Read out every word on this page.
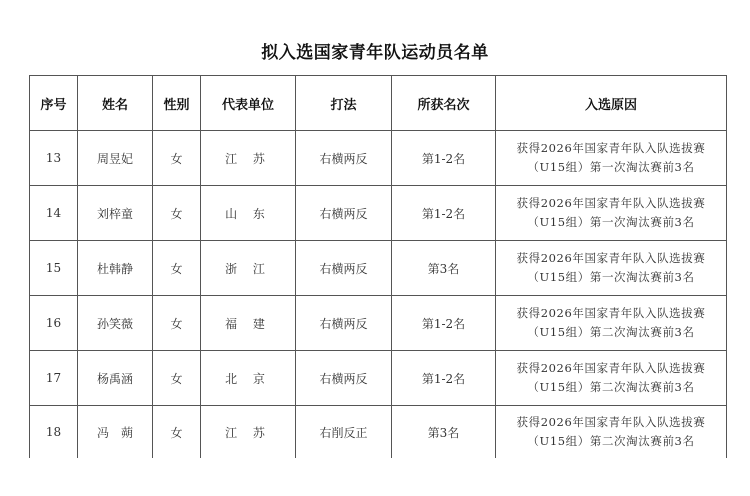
拟入选国家青年队运动员名单
序号	姓名	性别	代表单位	打法	所获名次	入选原因
13	周昱妃	女	江 苏	右横两反	第1-2名	获得2026年国家青年队入队选拔赛
（U15组）第一次淘汰赛前3名

14	刘梓童	女	山 东	右横两反	第1-2名	获得2026年国家青年队入队选拔赛
（U15组）第一次淘汰赛前3名

15	杜韩静	女	浙 江	右横两反	第3名	获得2026年国家青年队入队选拔赛
（U15组）第一次淘汰赛前3名

16	孙笑薇	女	福 建	右横两反	第1-2名	获得2026年国家青年队入队选拔赛
（U15组）第二次淘汰赛前3名

17	杨禹涵	女	北 京	右横两反	第1-2名	获得2026年国家青年队入队选拔赛
（U15组）第二次淘汰赛前3名

18	冯　蒴	女	江 苏	右削反正	第3名	获得2026年国家青年队入队选拔赛
（U15组）第二次淘汰赛前3名
